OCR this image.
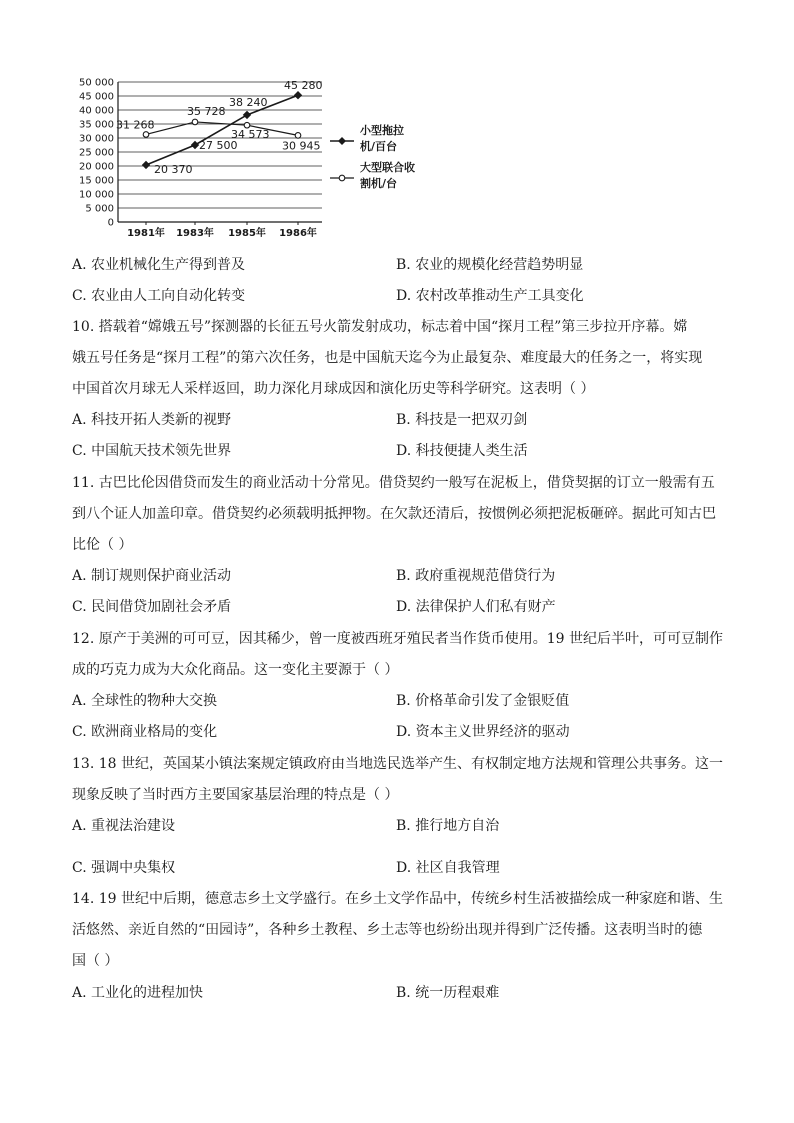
0
5 000
10 000
15 000
20 000
25 000
30 000
35 000
40 000
45 000
50 000
1981年 1983年 1985年 1986年
20 370
27 500
38 240
45 280
31 268
35 728
34 573
30 945
小型拖拉
机/百台
大型联合收
割机/台
A. 农业机械化生产得到普及	B. 农业的规模化经营趋势明显
C. 农业由人工向自动化转变	D. 农村改革推动生产工具变化
10. 搭载着“嫦娥五号”探测器的长征五号火箭发射成功，标志着中国“探月工程”第三步拉开序幕。嫦
娥五号任务是“探月工程”的第六次任务，也是中国航天迄今为止最复杂、难度最大的任务之一，将实现
中国首次月球无人采样返回，助力深化月球成因和演化历史等科学研究。这表明（ ）
A. 科技开拓人类新的视野	B. 科技是一把双刃剑
C. 中国航天技术领先世界	D. 科技便捷人类生活
11. 古巴比伦因借贷而发生的商业活动十分常见。借贷契约一般写在泥板上，借贷契据的订立一般需有五
到八个证人加盖印章。借贷契约必须载明抵押物。在欠款还清后，按惯例必须把泥板砸碎。据此可知古巴
比伦（ ）
A. 制订规则保护商业活动	B. 政府重视规范借贷行为
C. 民间借贷加剧社会矛盾	D. 法律保护人们私有财产
12. 原产于美洲的可可豆，因其稀少，曾一度被西班牙殖民者当作货币使用。19 世纪后半叶，可可豆制作
成的巧克力成为大众化商品。这一变化主要源于（ ）
A. 全球性的物种大交换	B. 价格革命引发了金银贬值
C. 欧洲商业格局的变化	D. 资本主义世界经济的驱动
13. 18 世纪，英国某小镇法案规定镇政府由当地选民选举产生、有权制定地方法规和管理公共事务。这一
现象反映了当时西方主要国家基层治理的特点是（ ）
A. 重视法治建设	B. 推行地方自治
C. 强调中央集权	D. 社区自我管理
14. 19 世纪中后期，德意志乡土文学盛行。在乡土文学作品中，传统乡村生活被描绘成一种家庭和谐、生
活悠然、亲近自然的“田园诗”，各种乡土教程、乡土志等也纷纷出现并得到广泛传播。这表明当时的德
国（ ）
A. 工业化的进程加快	B. 统一历程艰难
